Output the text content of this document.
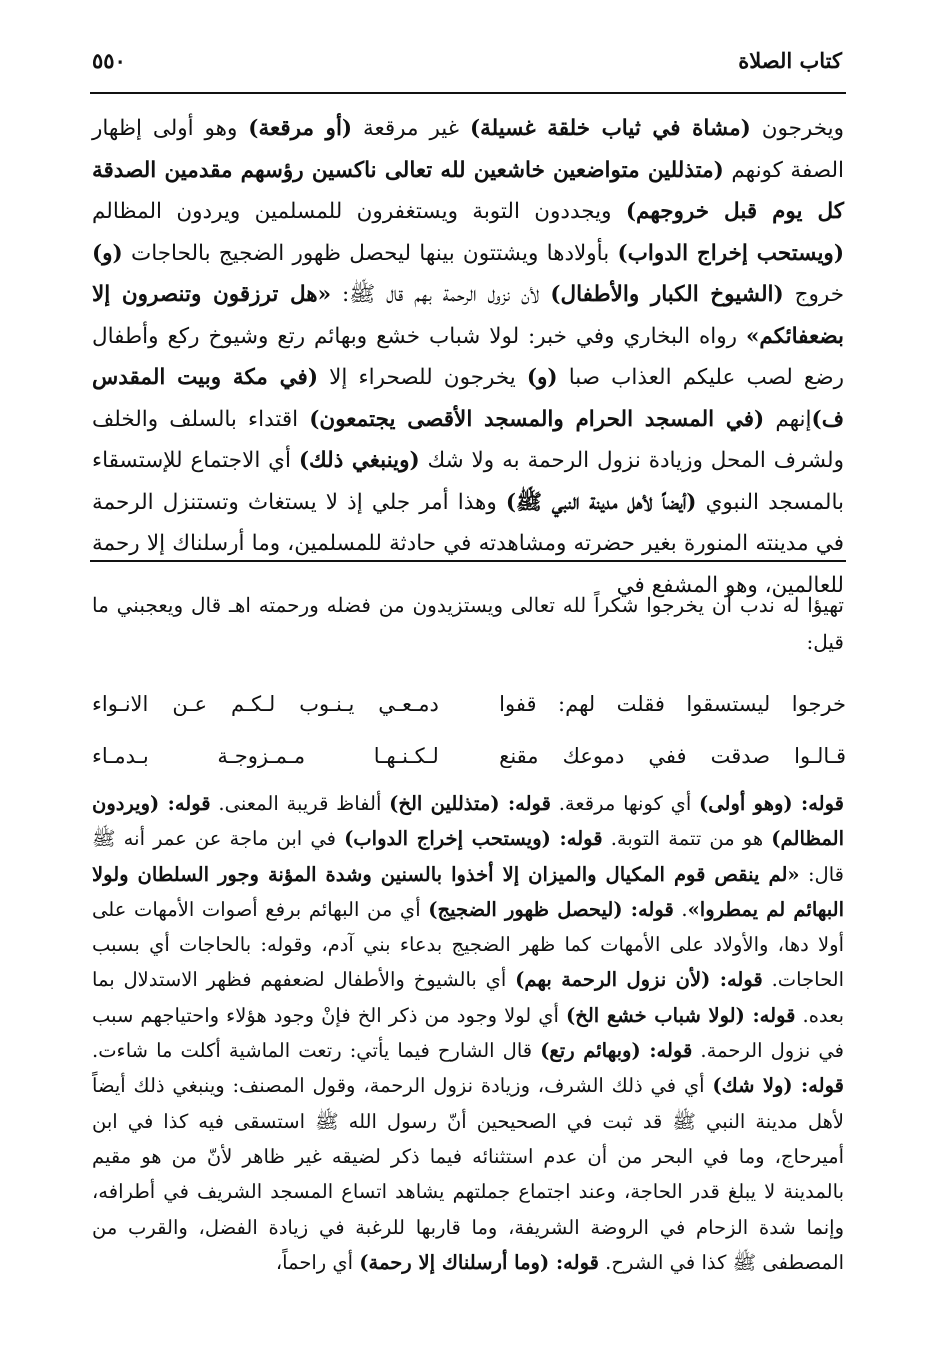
كتاب الصلاة
٥٥٠

ويخرجون (مشاة في ثياب خلقة غسيلة) غير مرقعة (أو مرقعة) وهو أولى إظهار الصفة كونهم (متذللين متواضعين خاشعين لله تعالى ناكسين رؤسهم مقدمين الصدقة كل يوم قبل خروجهم) ويجددون التوبة ويستغفرون للمسلمين ويردون المظالم (ويستحب إخراج الدواب) بأولادها ويشتتون بينها ليحصل ظهور الضجيج بالحاجات (و) خروج (الشيوخ الكبار والأطفال) لأن نزول الرحمة بهم قال ﷺ: «هل ترزقون وتنصرون إلا بضعفائكم» رواه البخاري وفي خبر: لولا شباب خشع وبهائم رتع وشيوخ ركع وأطفال رضع لصب عليكم العذاب صبا (و) يخرجون للصحراء إلا (في مكة وبيت المقدس ف)إنهم (في المسجد الحرام والمسجد الأقصى يجتمعون) اقتداء بالسلف والخلف ولشرف المحل وزيادة نزول الرحمة به ولا شك (وينبغي ذلك) أي الاجتماع للإستسقاء بالمسجد النبوي (أيضاً لأهل مدينة النبي ﷺ) وهذا أمر جلي إذ لا يستغاث وتستنزل الرحمة في مدينته المنورة بغير حضرته ومشاهدته في حادثة للمسلمين، وما أرسلناك إلا رحمة للعالمين، وهو المشفع في

تهيؤا له ندب أن يخرجوا شكراً لله تعالى ويستزيدون من فضله ورحمته اهـ قال ويعجبني ما قيل:

خرجوا ليستسقوا فقلت لهم: قفوا
دمـعـي يـنـوب لـكـم عـن الانـواء
قـالـوا صدقت ففي دموعك مقنع
لـكـنـهـا مـمـزوجـة بـدمـاء

قوله: (وهو أولى) أي كونها مرقعة. قوله: (متذللين الخ) ألفاظ قريبة المعنى. قوله: (ويردون المظالم) هو من تتمة التوبة. قوله: (ويستحب إخراج الدواب) في ابن ماجة عن عمر أنه ﷺ قال: «لم ينقص قوم المكيال والميزان إلا أخذوا بالسنين وشدة المؤنة وجور السلطان ولولا البهائم لم يمطروا». قوله: (ليحصل ظهور الضجيج) أي من البهائم برفع أصوات الأمهات على أولا دها، والأولاد على الأمهات كما ظهر الضجيج بدعاء بني آدم، وقوله: بالحاجات أي بسبب الحاجات. قوله: (لأن نزول الرحمة بهم) أي بالشيوخ والأطفال لضعفهم فظهر الاستدلال بما بعده. قوله: (لولا شباب خشع الخ) أي لولا وجود من ذكر الخ فإنْ وجود هؤلاء واحتياجهم سبب في نزول الرحمة. قوله: (وبهائم رتع) قال الشارح فيما يأتي: رتعت الماشية أكلت ما شاءت. قوله: (ولا شك) أي في ذلك الشرف، وزيادة نزول الرحمة، وقول المصنف: وينبغي ذلك أيضاً لأهل مدينة النبي ﷺ قد ثبت في الصحيحين أنّ رسول الله ﷺ استسقى فيه كذا في ابن أميرحاج، وما في البحر من أن عدم استثنائه فيما ذكر لضيقه غير ظاهر لأنّ من هو مقيم بالمدينة لا يبلغ قدر الحاجة، وعند اجتماع جملتهم يشاهد اتساع المسجد الشريف في أطرافه، وإنما شدة الزحام في الروضة الشريفة، وما قاربها للرغبة في زيادة الفضل، والقرب من المصطفى ﷺ كذا في الشرح. قوله: (وما أرسلناك إلا رحمة) أي راحماً،
